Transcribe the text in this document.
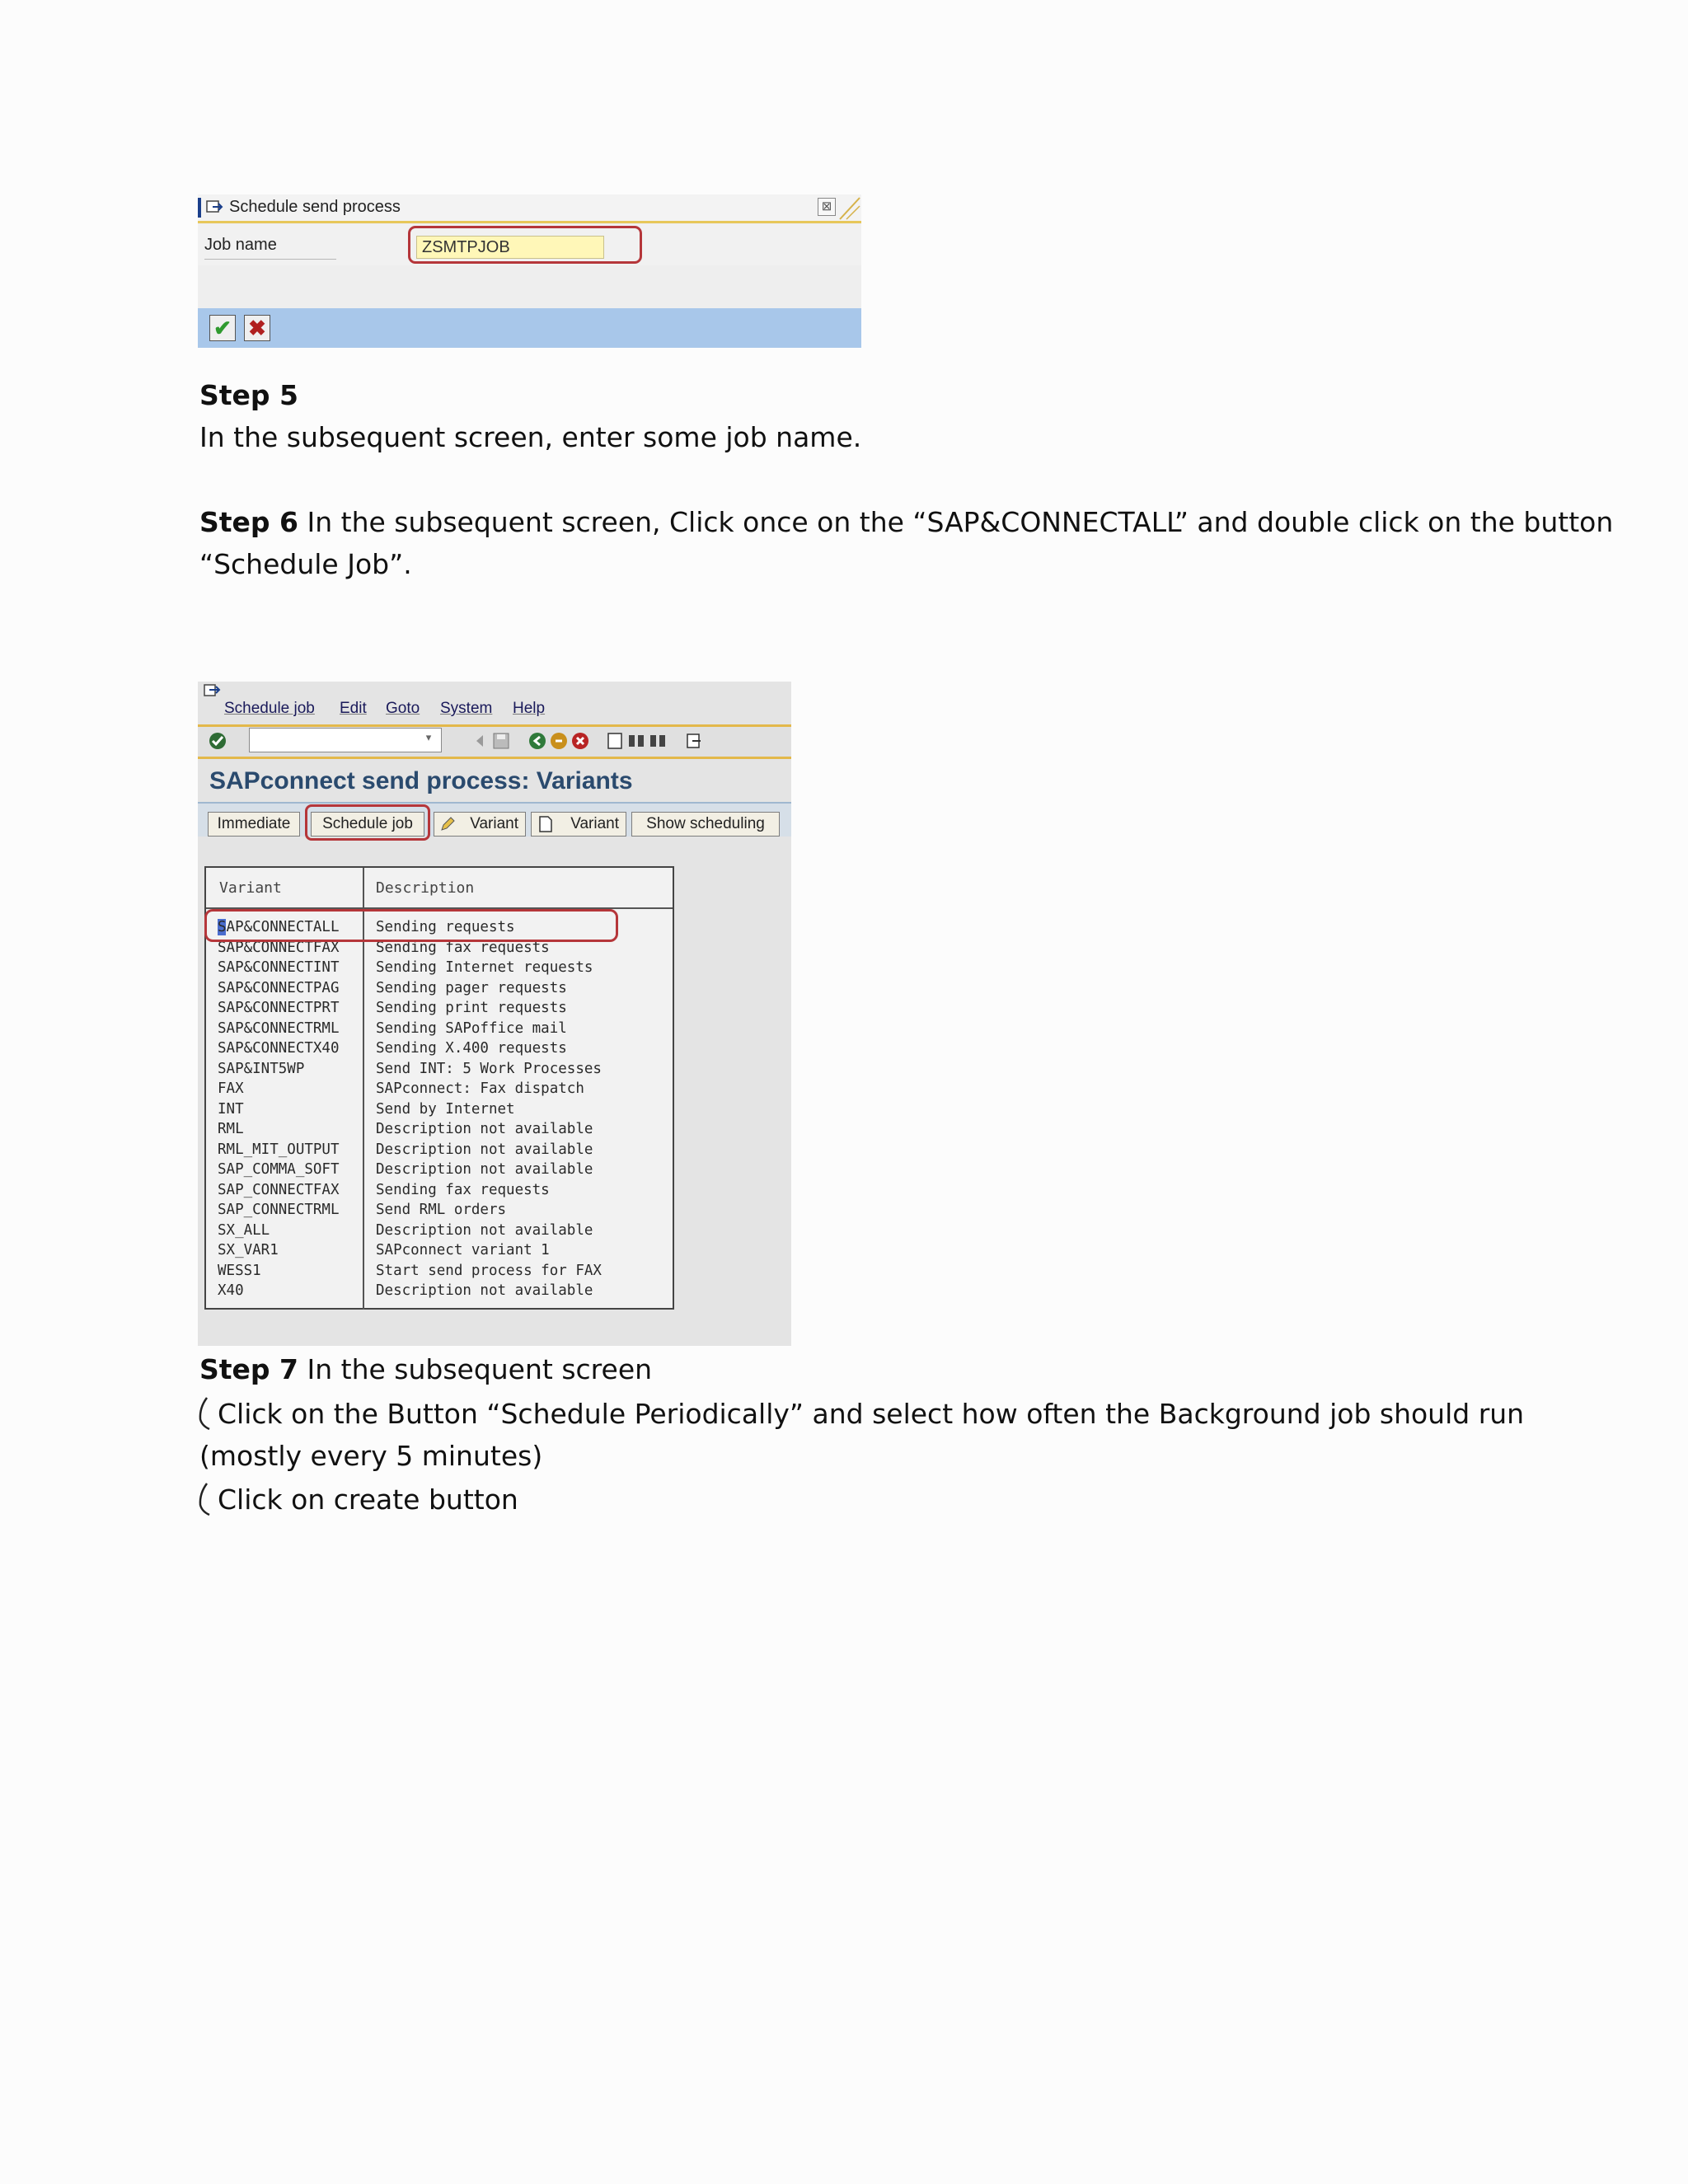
Schedule send process	⊠
Job name	ZSMTPJOB
✔ ✖
Step 5
In the subsequent screen, enter some job name.
Step 6 In the subsequent screen, Click once on the “SAP&CONNECTALL” and double click on the button
“Schedule Job”.
Schedule job Edit Goto System Help
▾
SAPconnect send process: Variants
Immediate	Schedule job	Variant	Variant	Show scheduling
Variant	Description
SAP&CONNECTALL	Sending requests
SAP&CONNECTFAX	Sending fax requests
SAP&CONNECTINT	Sending Internet requests
SAP&CONNECTPAG	Sending pager requests
SAP&CONNECTPRT	Sending print requests
SAP&CONNECTRML	Sending SAPoffice mail
SAP&CONNECTX40	Sending X.400 requests
SAP&INT5WP	Send INT: 5 Work Processes
FAX	SAPconnect: Fax dispatch
INT	Send by Internet
RML	Description not available
RML_MIT_OUTPUT	Description not available
SAP_COMMA_SOFT	Description not available
SAP_CONNECTFAX	Sending fax requests
SAP_CONNECTRML	Send RML orders
SX_ALL	Description not available
SX_VAR1	SAPconnect variant 1
WESS1	Start send process for FAX
X40	Description not available
Step 7 In the subsequent screen
Click on the Button “Schedule Periodically” and select how often the Background job should run
(mostly every 5 minutes)
Click on create button
